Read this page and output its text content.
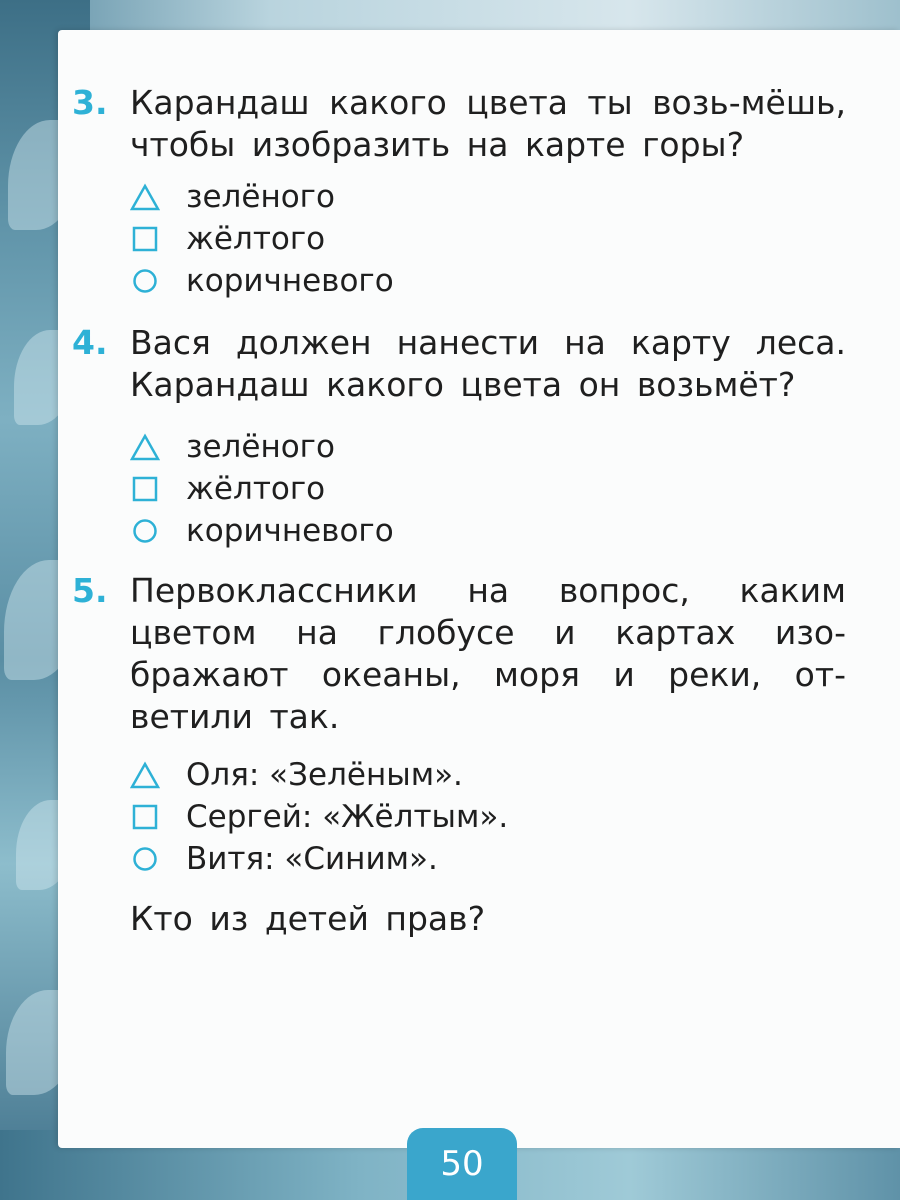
3. Карандаш какого цвета ты возь-мёшь, чтобы изобразить на карте горы?

зелёного
жёлтого
коричневого
4. Вася должен нанести на карту леса. Карандаш какого цвета он возьмёт?

зелёного
жёлтого
коричневого
5. Первоклассники на вопрос, каким цветом на глобусе и картах изо-бражают океаны, моря и реки, от-ветили так.

Оля: «Зелёным».
Сергей: «Жёлтым».
Витя: «Синим».
Кто из детей прав?
50
